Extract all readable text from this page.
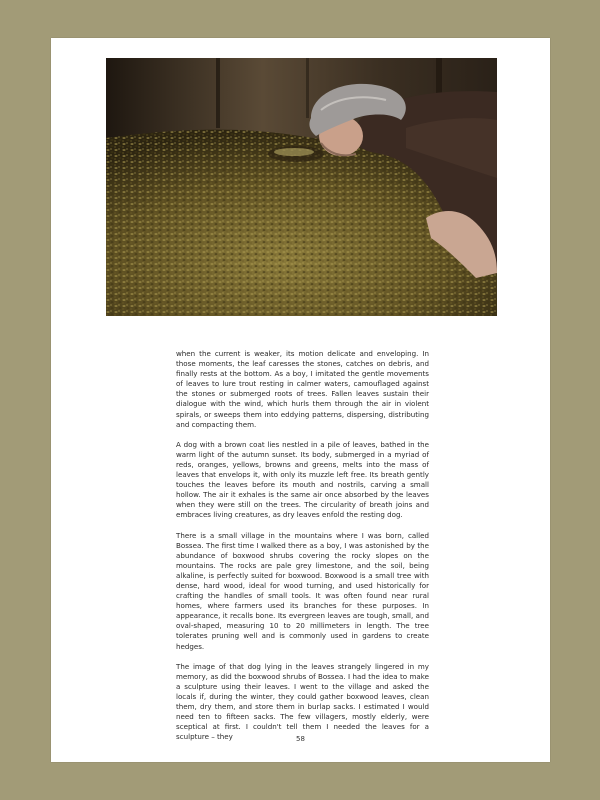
when the current is weaker, its motion delicate and enveloping. In those moments, the leaf caresses the stones, catches on debris, and finally rests at the bottom. As a boy, I imitated the gentle movements of leaves to lure trout resting in calmer waters, camouflaged against the stones or submerged roots of trees. Fallen leaves sustain their dialogue with the wind, which hurls them through the air in violent spirals, or sweeps them into eddying patterns, dispersing, distributing and compacting them.

A dog with a brown coat lies nestled in a pile of leaves, bathed in the warm light of the autumn sunset. Its body, submerged in a myriad of reds, oranges, yellows, browns and greens, melts into the mass of leaves that envelops it, with only its muzzle left free. Its breath gently touches the leaves before its mouth and nostrils, carving a small hollow. The air it exhales is the same air once absorbed by the leaves when they were still on the trees. The circularity of breath joins and embraces living creatures, as dry leaves enfold the resting dog.

There is a small village in the mountains where I was born, called Bossea. The first time I walked there as a boy, I was astonished by the abundance of boxwood shrubs covering the rocky slopes on the mountains. The rocks are pale grey limestone, and the soil, being alkaline, is perfectly suited for boxwood. Boxwood is a small tree with dense, hard wood, ideal for wood turning, and used historically for crafting the handles of small tools. It was often found near rural homes, where farmers used its branches for these purposes. In appearance, it recalls bone. Its evergreen leaves are tough, small, and oval-shaped, measuring 10 to 20 millimeters in length. The tree tolerates pruning well and is commonly used in gardens to create hedges.

The image of that dog lying in the leaves strangely lingered in my memory, as did the boxwood shrubs of Bossea. I had the idea to make a sculpture using their leaves. I went to the village and asked the locals if, during the winter, they could gather boxwood leaves, clean them, dry them, and store them in burlap sacks. I estimated I would need ten to fifteen sacks. The few villagers, mostly elderly, were sceptical at first. I couldn't tell them I needed the leaves for a sculpture – they	58
